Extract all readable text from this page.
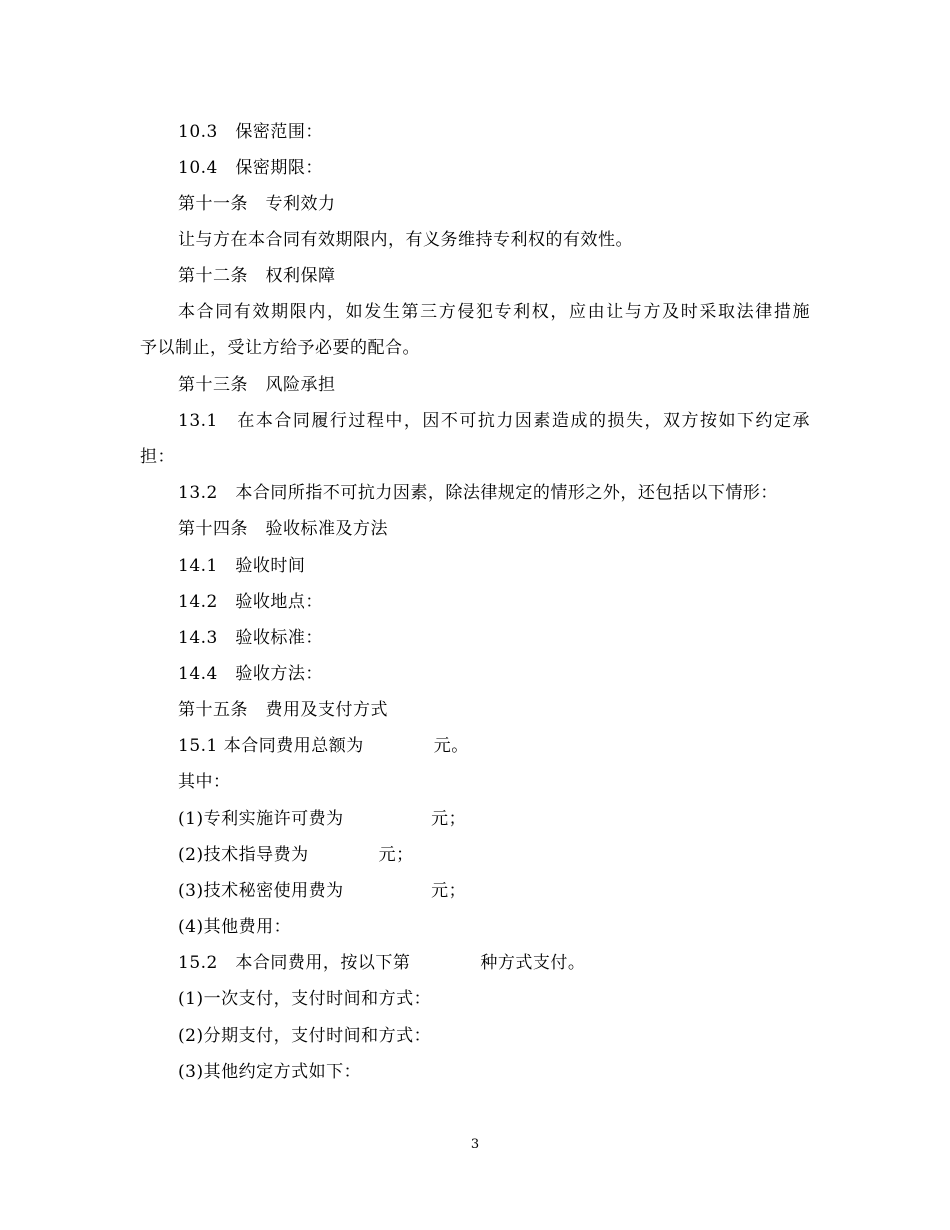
10.3　保密范围：
10.4　保密期限：
第十一条　专利效力
让与方在本合同有效期限内，有义务维持专利权的有效性。
第十二条　权利保障
本合同有效期限内，如发生第三方侵犯专利权，应由让与方及时采取法律措施
予以制止，受让方给予必要的配合。
第十三条　风险承担
13.1　在本合同履行过程中，因不可抗力因素造成的损失，双方按如下约定承
担：
13.2　本合同所指不可抗力因素，除法律规定的情形之外，还包括以下情形：
第十四条　验收标准及方法
14.1　验收时间
14.2　验收地点：
14.3　验收标准：
14.4　验收方法：
第十五条　费用及支付方式
15.1 本合同费用总额为　　　　元。
其中：
(1)专利实施许可费为　　　　　元；
(2)技术指导费为　　　　元；
(3)技术秘密使用费为　　　　　元；
(4)其他费用：
15.2　本合同费用，按以下第　　　　种方式支付。
(1)一次支付，支付时间和方式：
(2)分期支付，支付时间和方式：
(3)其他约定方式如下：
3
